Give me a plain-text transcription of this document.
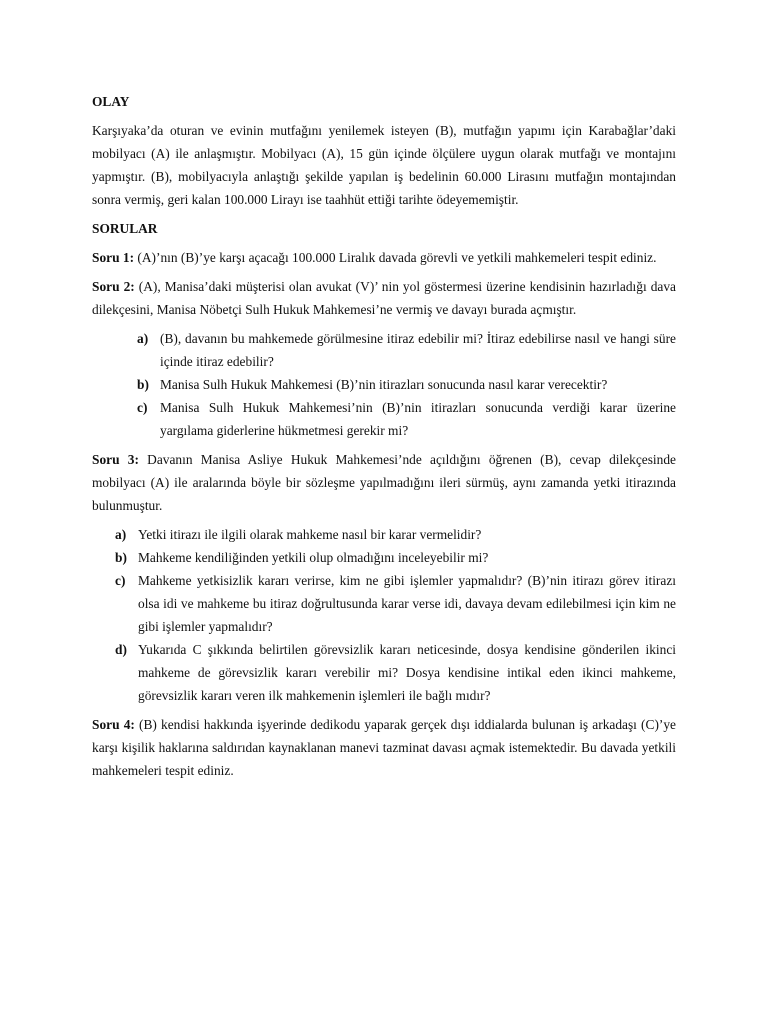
OLAY

Karşıyaka’da oturan ve evinin mutfağını yenilemek isteyen (B), mutfağın yapımı için Karabağlar’daki mobilyacı (A) ile anlaşmıştır. Mobilyacı (A), 15 gün içinde ölçülere uygun olarak mutfağı ve montajını yapmıştır. (B), mobilyacıyla anlaştığı şekilde yapılan iş bedelinin 60.000 Lirasını mutfağın montajından sonra vermiş, geri kalan 100.000 Lirayı ise taahhüt ettiği tarihte ödeyememiştir.

SORULAR

Soru 1: (A)’nın (B)’ye karşı açacağı 100.000 Liralık davada görevli ve yetkili mahkemeleri tespit ediniz.

Soru 2: (A), Manisa’daki müşterisi olan avukat (V)’ nin yol göstermesi üzerine kendisinin hazırladığı dava dilekçesini, Manisa Nöbetçi Sulh Hukuk Mahkemesi’ne vermiş ve davayı burada açmıştır.

a) (B), davanın bu mahkemede görülmesine itiraz edebilir mi? İtiraz edebilirse nasıl ve hangi süre içinde itiraz edebilir?
b) Manisa Sulh Hukuk Mahkemesi (B)’nin itirazları sonucunda nasıl karar verecektir?
c) Manisa Sulh Hukuk Mahkemesi’nin (B)’nin itirazları sonucunda verdiği karar üzerine yargılama giderlerine hükmetmesi gerekir mi?

Soru 3: Davanın Manisa Asliye Hukuk Mahkemesi’nde açıldığını öğrenen (B), cevap dilekçesinde mobilyacı (A) ile aralarında böyle bir sözleşme yapılmadığını ileri sürmüş, aynı zamanda yetki itirazında bulunmuştur.

a) Yetki itirazı ile ilgili olarak mahkeme nasıl bir karar vermelidir?
b) Mahkeme kendiliğinden yetkili olup olmadığını inceleyebilir mi?
c) Mahkeme yetkisizlik kararı verirse, kim ne gibi işlemler yapmalıdır? (B)’nin itirazı görev itirazı olsa idi ve mahkeme bu itiraz doğrultusunda karar verse idi, davaya devam edilebilmesi için kim ne gibi işlemler yapmalıdır?
d) Yukarıda C şıkkında belirtilen görevsizlik kararı neticesinde, dosya kendisine gönderilen ikinci mahkeme de görevsizlik kararı verebilir mi? Dosya kendisine intikal eden ikinci mahkeme, görevsizlik kararı veren ilk mahkemenin işlemleri ile bağlı mıdır?

Soru 4: (B) kendisi hakkında işyerinde dedikodu yaparak gerçek dışı iddialarda bulunan iş arkadaşı (C)’ye karşı kişilik haklarına saldırıdan kaynaklanan manevi tazminat davası açmak istemektedir. Bu davada yetkili mahkemeleri tespit ediniz.
